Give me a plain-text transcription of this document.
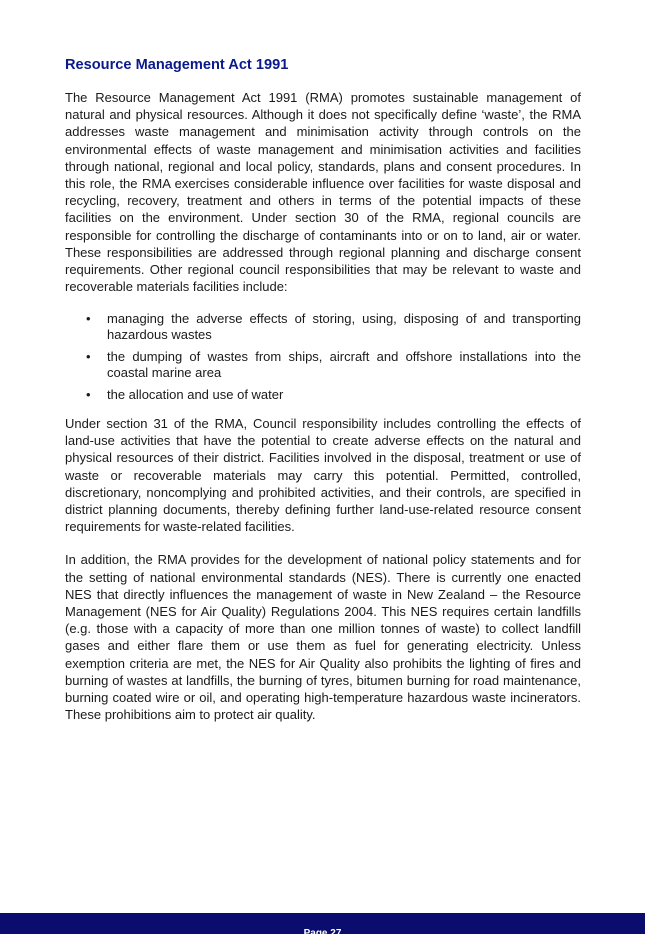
Resource Management Act 1991

The Resource Management Act 1991 (RMA) promotes sustainable management of natural and physical resources. Although it does not specifically define ‘waste’, the RMA addresses waste management and minimisation activity through controls on the environmental effects of waste management and minimisation activities and facilities through national, regional and local policy, standards, plans and consent procedures. In this role, the RMA exercises considerable influence over facilities for waste disposal and recycling, recovery, treatment and others in terms of the potential impacts of these facilities on the environment. Under section 30 of the RMA, regional councils are responsible for controlling the discharge of contaminants into or on to land, air or water. These responsibilities are addressed through regional planning and discharge consent requirements. Other regional council responsibilities that may be relevant to waste and recoverable materials facilities include:

• managing the adverse effects of storing, using, disposing of and transporting hazardous wastes
• the dumping of wastes from ships, aircraft and offshore installations into the coastal marine area
• the allocation and use of water

Under section 31 of the RMA, Council responsibility includes controlling the effects of land-use activities that have the potential to create adverse effects on the natural and physical resources of their district. Facilities involved in the disposal, treatment or use of waste or recoverable materials may carry this potential. Permitted, controlled, discretionary, noncomplying and prohibited activities, and their controls, are specified in district planning documents, thereby defining further land-use-related resource consent requirements for waste-related facilities.

In addition, the RMA provides for the development of national policy statements and for the setting of national environmental standards (NES). There is currently one enacted NES that directly influences the management of waste in New Zealand – the Resource Management (NES for Air Quality) Regulations 2004. This NES requires certain landfills (e.g. those with a capacity of more than one million tonnes of waste) to collect landfill gases and either flare them or use them as fuel for generating electricity. Unless exemption criteria are met, the NES for Air Quality also prohibits the lighting of fires and burning of wastes at landfills, the burning of tyres, bitumen burning for road maintenance, burning coated wire or oil, and operating high-temperature hazardous waste incinerators. These prohibitions aim to protect air quality.

Page 27
